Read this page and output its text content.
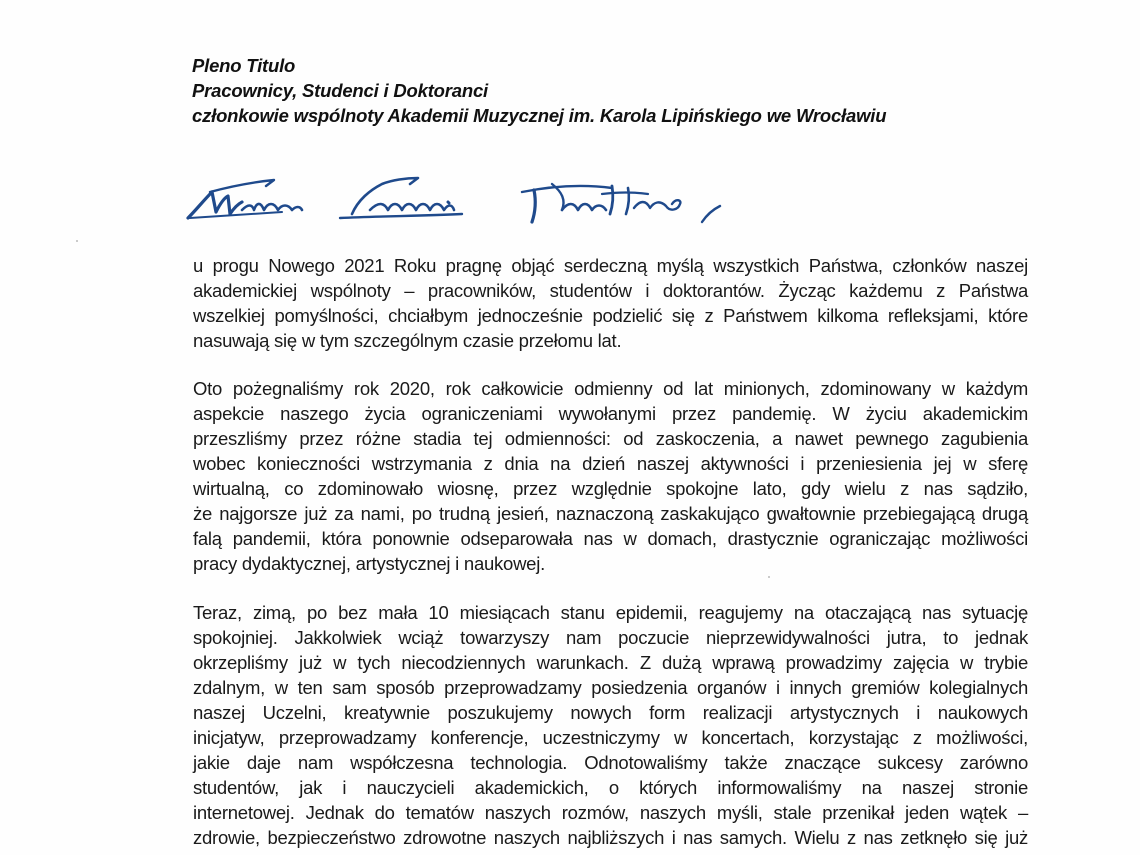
Pleno Titulo
Pracownicy, Studenci i Doktoranci
członkowie wspólnoty Akademii Muzycznej im. Karola Lipińskiego we Wrocławiu
u progu Nowego 2021 Roku pragnę objąć serdeczną myślą wszystkich Państwa, członków naszej
akademickiej wspólnoty – pracowników, studentów i doktorantów. Życząc każdemu z Państwa
wszelkiej pomyślności, chciałbym jednocześnie podzielić się z Państwem kilkoma refleksjami, które
nasuwają się w tym szczególnym czasie przełomu lat.
Oto pożegnaliśmy rok 2020, rok całkowicie odmienny od lat minionych, zdominowany w każdym
aspekcie naszego życia ograniczeniami wywołanymi przez pandemię. W życiu akademickim
przeszliśmy przez różne stadia tej odmienności: od zaskoczenia, a nawet pewnego zagubienia
wobec konieczności wstrzymania z dnia na dzień naszej aktywności i przeniesienia jej w sferę
wirtualną, co zdominowało wiosnę, przez względnie spokojne lato, gdy wielu z nas sądziło,
że najgorsze już za nami, po trudną jesień, naznaczoną zaskakująco gwałtownie przebiegającą drugą
falą pandemii, która ponownie odseparowała nas w domach, drastycznie ograniczając możliwości
pracy dydaktycznej, artystycznej i naukowej.
Teraz, zimą, po bez mała 10 miesiącach stanu epidemii, reagujemy na otaczającą nas sytuację
spokojniej. Jakkolwiek wciąż towarzyszy nam poczucie nieprzewidywalności jutra, to jednak
okrzepliśmy już w tych niecodziennych warunkach. Z dużą wprawą prowadzimy zajęcia w trybie
zdalnym, w ten sam sposób przeprowadzamy posiedzenia organów i innych gremiów kolegialnych
naszej Uczelni, kreatywnie poszukujemy nowych form realizacji artystycznych i naukowych
inicjatyw, przeprowadzamy konferencje, uczestniczymy w koncertach, korzystając z możliwości,
jakie daje nam współczesna technologia. Odnotowaliśmy także znaczące sukcesy zarówno
studentów, jak i nauczycieli akademickich, o których informowaliśmy na naszej stronie
internetowej. Jednak do tematów naszych rozmów, naszych myśli, stale przenikał jeden wątek –
zdrowie, bezpieczeństwo zdrowotne naszych najbliższych i nas samych. Wielu z nas zetknęło się już
